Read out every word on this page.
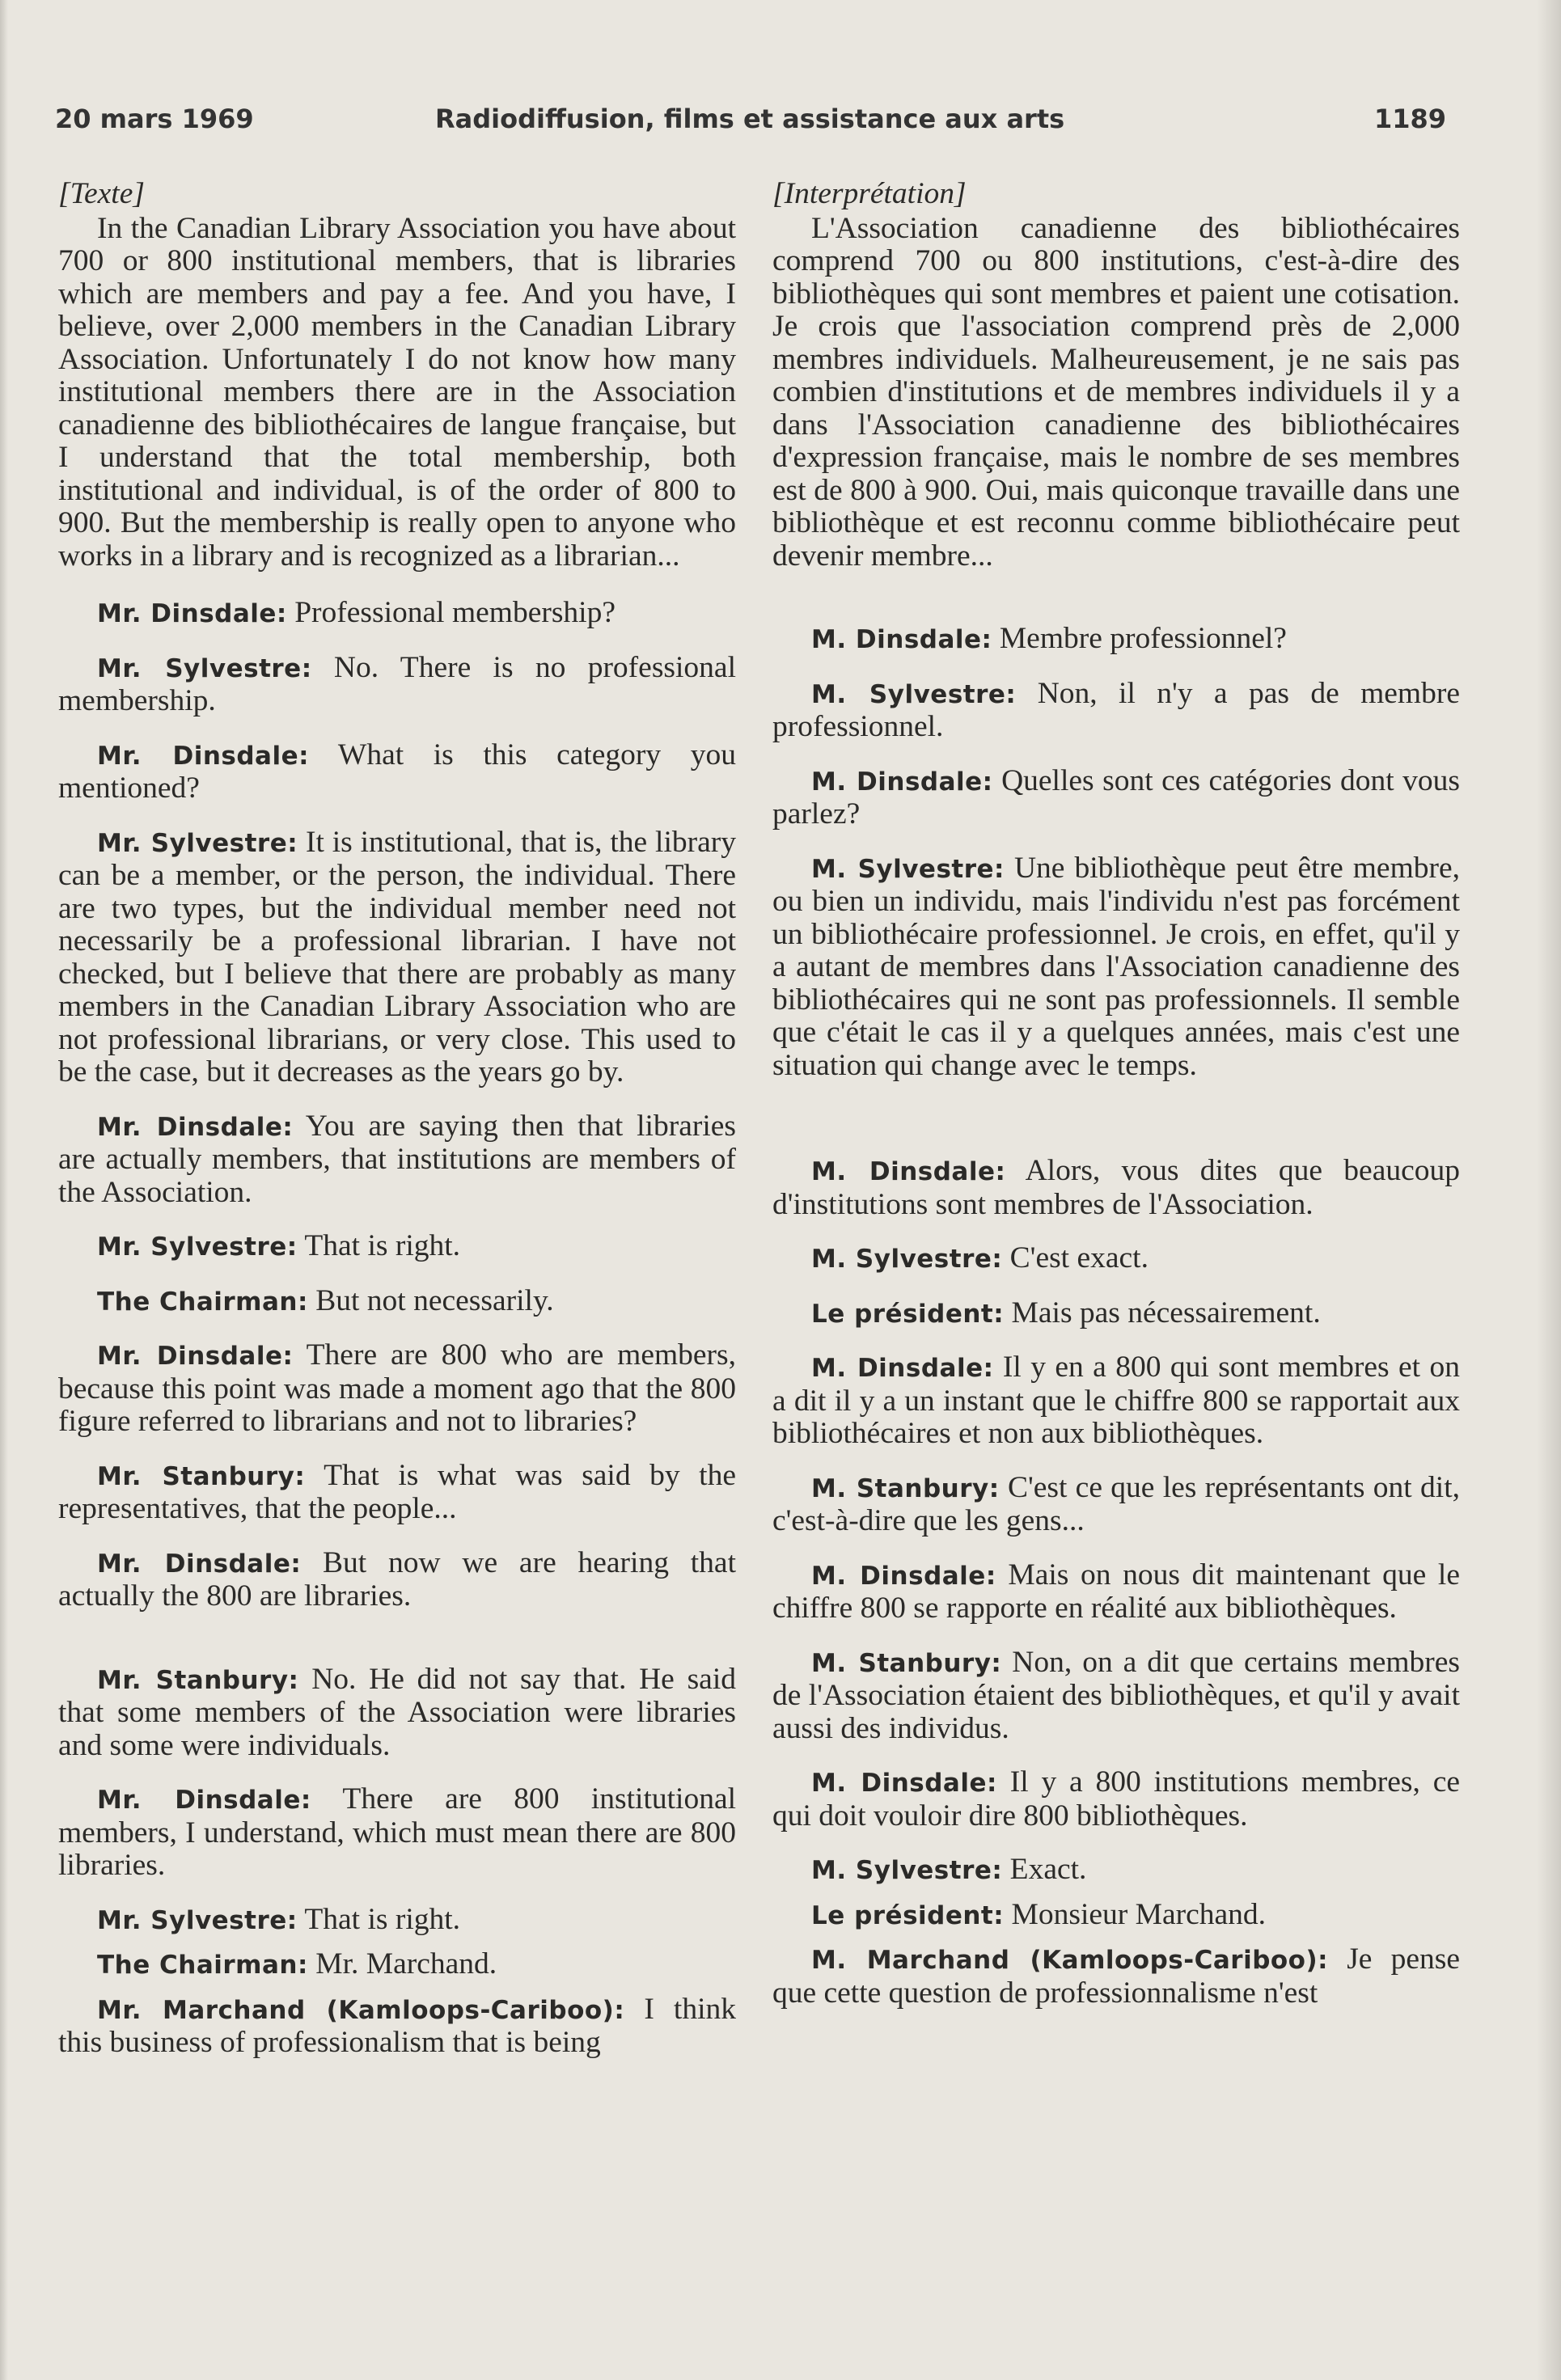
20 mars 1969	Radiodiffusion, films et assistance aux arts	1189
[Texte]

In the Canadian Library Association you have about 700 or 800 institutional members, that is libraries which are members and pay a fee. And you have, I believe, over 2,000 members in the Canadian Library Association. Unfortunately I do not know how many institutional members there are in the Association canadienne des bibliothécaires de langue française, but I understand that the total membership, both institutional and individual, is of the order of 800 to 900. But the membership is really open to anyone who works in a library and is recognized as a librarian...

Mr. Dinsdale: Professional membership?

Mr. Sylvestre: No. There is no professional membership.

Mr. Dinsdale: What is this category you mentioned?

Mr. Sylvestre: It is institutional, that is, the library can be a member, or the person, the individual. There are two types, but the individual member need not necessarily be a professional librarian. I have not checked, but I believe that there are probably as many members in the Canadian Library Association who are not professional librarians, or very close. This used to be the case, but it decreases as the years go by.

Mr. Dinsdale: You are saying then that libraries are actually members, that institutions are members of the Association.

Mr. Sylvestre: That is right.

The Chairman: But not necessarily.

Mr. Dinsdale: There are 800 who are members, because this point was made a moment ago that the 800 figure referred to librarians and not to libraries?

Mr. Stanbury: That is what was said by the representatives, that the people...

Mr. Dinsdale: But now we are hearing that actually the 800 are libraries.

Mr. Stanbury: No. He did not say that. He said that some members of the Association were libraries and some were individuals.

Mr. Dinsdale: There are 800 institutional members, I understand, which must mean there are 800 libraries.

Mr. Sylvestre: That is right.

The Chairman: Mr. Marchand.

Mr. Marchand (Kamloops-Cariboo): I think this business of professionalism that is being

[Interprétation]

L'Association canadienne des bibliothécaires comprend 700 ou 800 institutions, c'est-à-dire des bibliothèques qui sont membres et paient une cotisation. Je crois que l'association comprend près de 2,000 membres individuels. Malheureusement, je ne sais pas combien d'institutions et de membres individuels il y a dans l'Association canadienne des bibliothécaires d'expression française, mais le nombre de ses membres est de 800 à 900. Oui, mais quiconque travaille dans une bibliothèque et est reconnu comme bibliothécaire peut devenir membre...

M. Dinsdale: Membre professionnel?

M. Sylvestre: Non, il n'y a pas de membre professionnel.

M. Dinsdale: Quelles sont ces catégories dont vous parlez?

M. Sylvestre: Une bibliothèque peut être membre, ou bien un individu, mais l'individu n'est pas forcément un bibliothécaire professionnel. Je crois, en effet, qu'il y a autant de membres dans l'Association canadienne des bibliothécaires qui ne sont pas professionnels. Il semble que c'était le cas il y a quelques années, mais c'est une situation qui change avec le temps.

M. Dinsdale: Alors, vous dites que beaucoup d'institutions sont membres de l'Association.

M. Sylvestre: C'est exact.

Le président: Mais pas nécessairement.

M. Dinsdale: Il y en a 800 qui sont membres et on a dit il y a un instant que le chiffre 800 se rapportait aux bibliothécaires et non aux bibliothèques.

M. Stanbury: C'est ce que les représentants ont dit, c'est-à-dire que les gens...

M. Dinsdale: Mais on nous dit maintenant que le chiffre 800 se rapporte en réalité aux bibliothèques.

M. Stanbury: Non, on a dit que certains membres de l'Association étaient des bibliothèques, et qu'il y avait aussi des individus.

M. Dinsdale: Il y a 800 institutions membres, ce qui doit vouloir dire 800 bibliothèques.

M. Sylvestre: Exact.

Le président: Monsieur Marchand.

M. Marchand (Kamloops-Cariboo): Je pense que cette question de professionnalisme n'est
